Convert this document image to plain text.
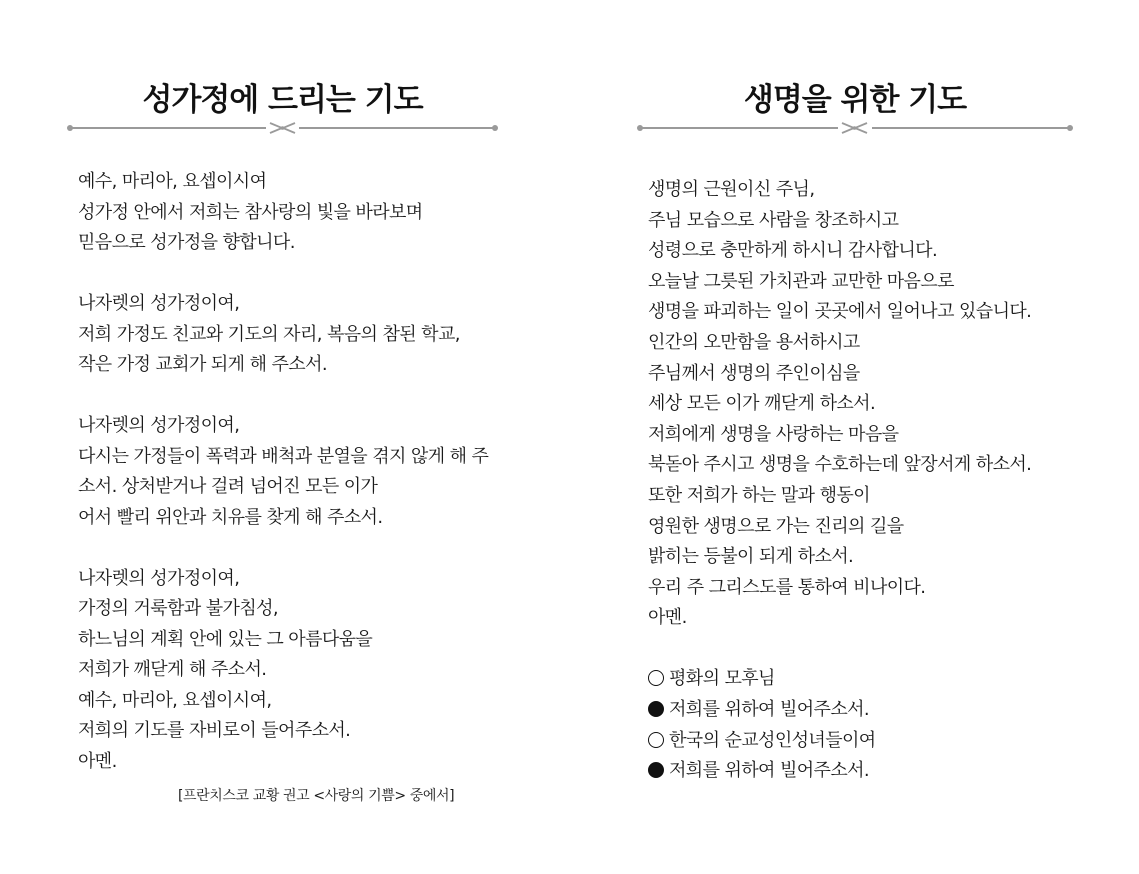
성가정에 드리는 기도
예수, 마리아, 요셉이시여
성가정 안에서 저희는 참사랑의 빛을 바라보며
믿음으로 성가정을 향합니다.
나자렛의 성가정이여,
저희 가정도 친교와 기도의 자리, 복음의 참된 학교,
작은 가정 교회가 되게 해 주소서.
나자렛의 성가정이여,
다시는 가정들이 폭력과 배척과 분열을 겪지 않게 해 주
소서. 상처받거나 걸려 넘어진 모든 이가
어서 빨리 위안과 치유를 찾게 해 주소서.
나자렛의 성가정이여,
가정의 거룩함과 불가침성,
하느님의 계획 안에 있는 그 아름다움을
저희가 깨닫게 해 주소서.
예수, 마리아, 요셉이시여,
저희의 기도를 자비로이 들어주소서.
아멘.
[프란치스코 교황 권고 <사랑의 기쁨> 중에서]
생명을 위한 기도
생명의 근원이신 주님,
주님 모습으로 사람을 창조하시고
성령으로 충만하게 하시니 감사합니다.
오늘날 그릇된 가치관과 교만한 마음으로
생명을 파괴하는 일이 곳곳에서 일어나고 있습니다.
인간의 오만함을 용서하시고
주님께서 생명의 주인이심을
세상 모든 이가 깨닫게 하소서.
저희에게 생명을 사랑하는 마음을
북돋아 주시고 생명을 수호하는데 앞장서게 하소서.
또한 저희가 하는 말과 행동이
영원한 생명으로 가는 진리의 길을
밝히는 등불이 되게 하소서.
우리 주 그리스도를 통하여 비나이다.
아멘.
평화의 모후님
저희를 위하여 빌어주소서.
한국의 순교성인성녀들이여
저희를 위하여 빌어주소서.
